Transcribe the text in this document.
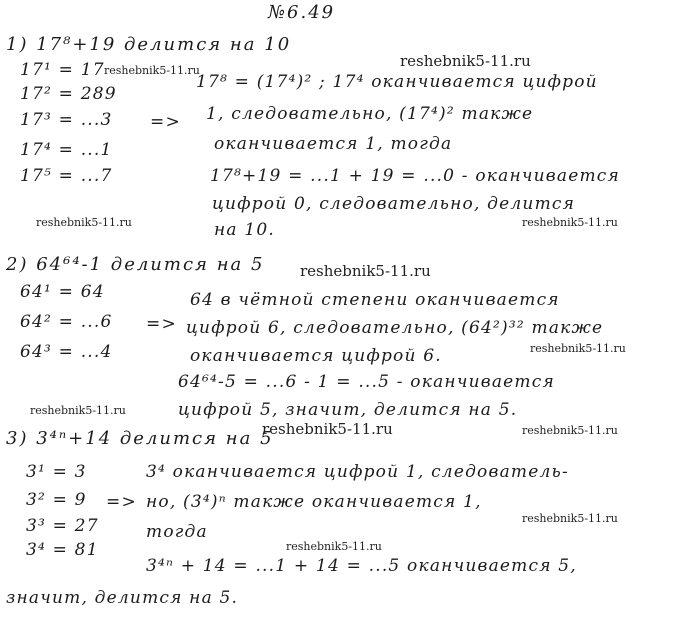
№6.49
reshebnik5-11.ru
reshebnik5-11.ru
reshebnik5-11.ru	reshebnik5-11.ru
reshebnik5-11.ru
reshebnik5-11.ru
reshebnik5-11.ru
reshebnik5-11.ru	reshebnik5-11.ru
reshebnik5-11.ru
reshebnik5-11.ru
1) 17⁸+19 делится на 10
17¹ = 17
17² = 289
17³ = ...3
17⁴ = ...1
17⁵ = ...7
=>
17⁸ = (17⁴)² ; 17⁴ оканчивается цифрой
1, следовательно, (17⁴)² также
оканчивается 1, тогда
17⁸+19 = ...1 + 19 = ...0 - оканчивается
цифрой 0, следовательно, делится
на 10.
2) 64⁶⁴-1 делится на 5
64¹ = 64
64² = ...6
64³ = ...4
=>
64 в чётной степени оканчивается
цифрой 6, следовательно, (64²)³² также
оканчивается цифрой 6.
64⁶⁴-5 = ...6 - 1 = ...5 - оканчивается
цифрой 5, значит, делится на 5.
3) 3⁴ⁿ+14 делится на 5
3¹ = 3
3² = 9
3³ = 27
3⁴ = 81
=>
3⁴ оканчивается цифрой 1, следователь-
но, (3⁴)ⁿ также оканчивается 1,
тогда
3⁴ⁿ + 14 = ...1 + 14 = ...5 оканчивается 5,
значит, делится на 5.
